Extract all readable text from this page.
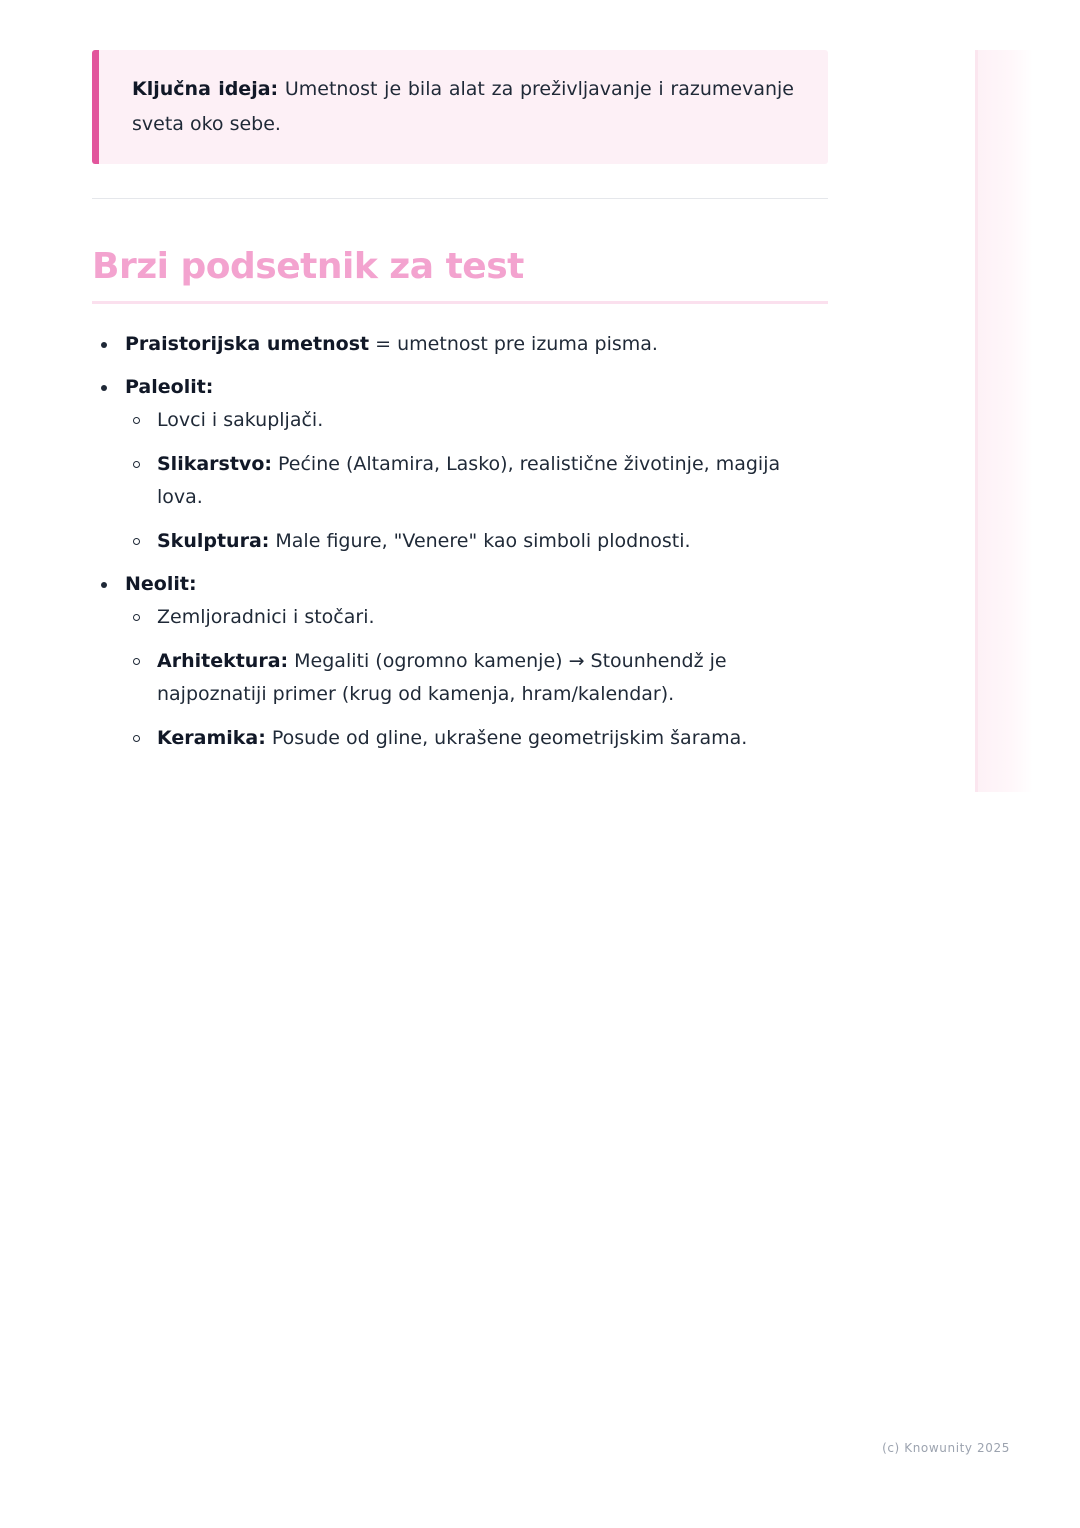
Ključna ideja: Umetnost je bila alat za preživljavanje i razumevanje sveta oko sebe.

Brzi podsetnik za test
Praistorijska umetnost = umetnost pre izuma pisma.
Paleolit:
Lovci i sakupljači.
Slikarstvo: Pećine (Altamira, Lasko), realistične životinje, magija lova.
Skulptura: Male figure, "Venere" kao simboli plodnosti.
Neolit:
Zemljoradnici i stočari.
Arhitektura: Megaliti (ogromno kamenje) → Stounhendž je najpoznatiji primer (krug od kamenja, hram/kalendar).
Keramika: Posude od gline, ukrašene geometrijskim šarama.
(c) Knowunity 2025
